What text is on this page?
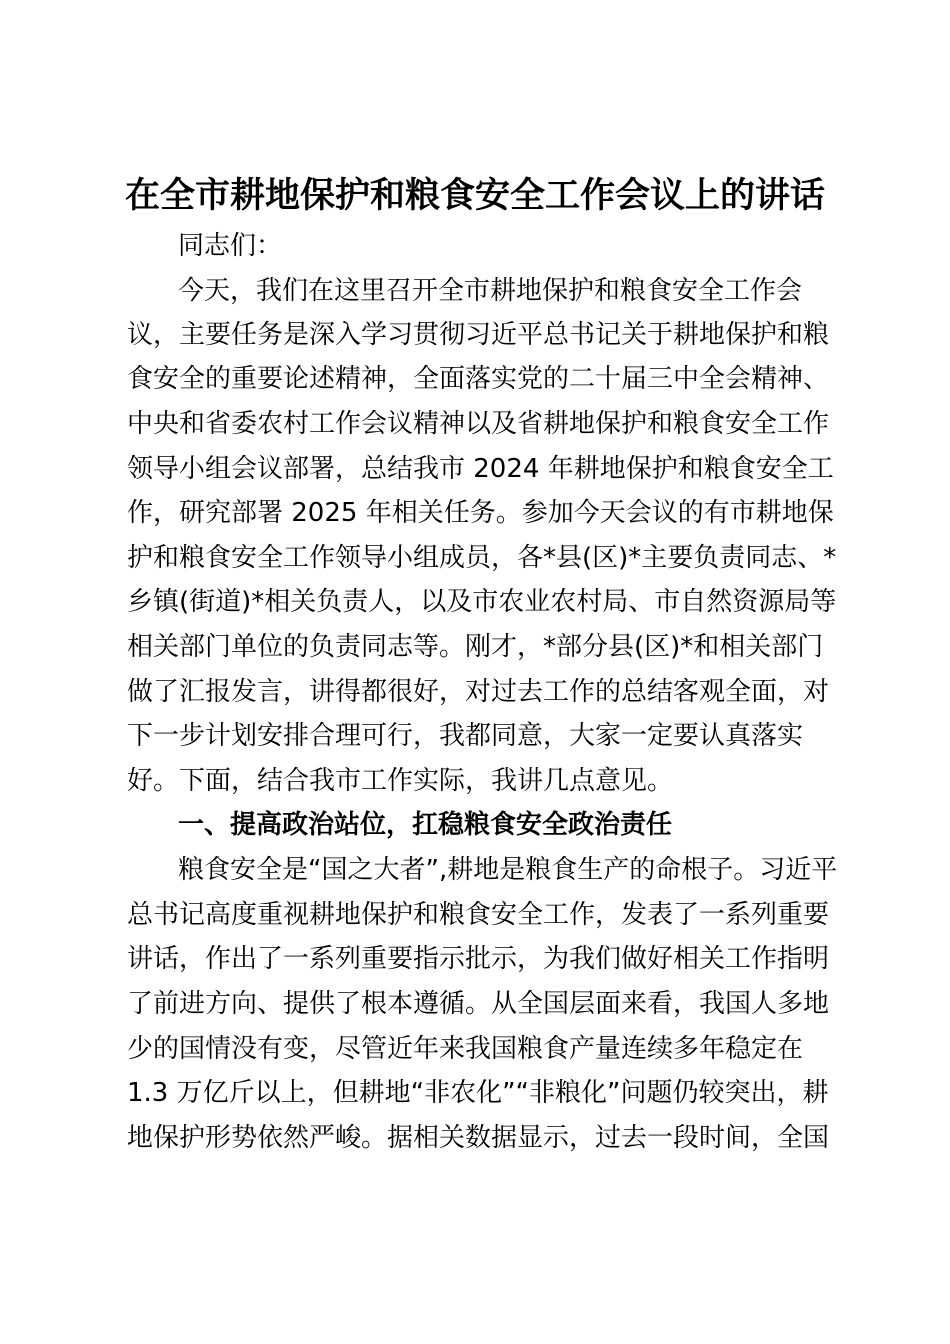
在全市耕地保护和粮食安全工作会议上的讲话
同志们：
今天，我们在这里召开全市耕地保护和粮食安全工作会
议，主要任务是深入学习贯彻习近平总书记关于耕地保护和粮
食安全的重要论述精神，全面落实党的二十届三中全会精神、
中央和省委农村工作会议精神以及省耕地保护和粮食安全工作
领导小组会议部署，总结我市 2024 年耕地保护和粮食安全工
作，研究部署 2025 年相关任务。参加今天会议的有市耕地保
护和粮食安全工作领导小组成员，各*县(区)*主要负责同志、*
乡镇(街道)*相关负责人，以及市农业农村局、市自然资源局等
相关部门单位的负责同志等。刚才，*部分县(区)*和相关部门
做了汇报发言，讲得都很好，对过去工作的总结客观全面，对
下一步计划安排合理可行，我都同意，大家一定要认真落实
好。下面，结合我市工作实际，我讲几点意见。
一、提高政治站位，扛稳粮食安全政治责任
粮食安全是“国之大者”,耕地是粮食生产的命根子。习近平
总书记高度重视耕地保护和粮食安全工作，发表了一系列重要
讲话，作出了一系列重要指示批示，为我们做好相关工作指明
了前进方向、提供了根本遵循。从全国层面来看，我国人多地
少的国情没有变，尽管近年来我国粮食产量连续多年稳定在
1.3 万亿斤以上，但耕地“非农化”“非粮化”问题仍较突出，耕
地保护形势依然严峻。据相关数据显示，过去一段时间，全国
